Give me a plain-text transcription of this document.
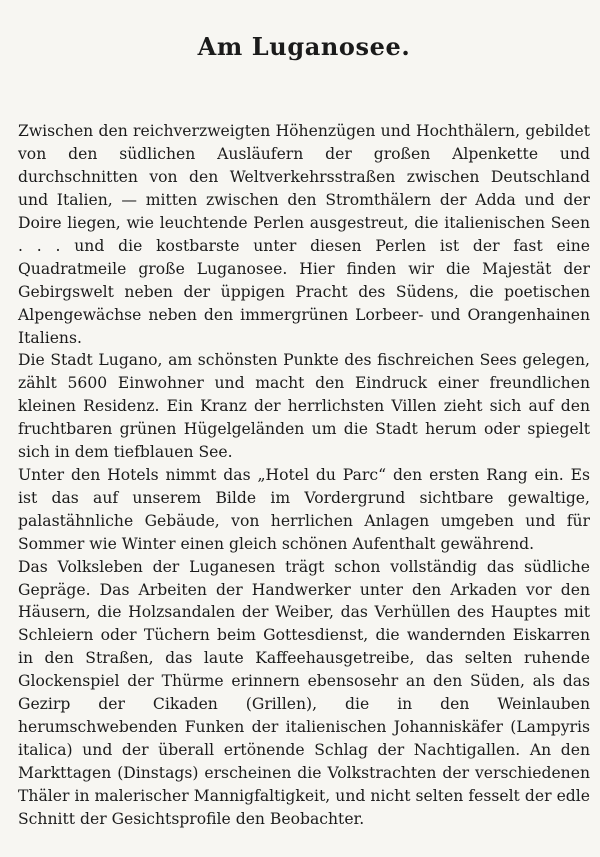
Am Luganosee.

Zwischen den reichverzweigten Höhenzügen und Hochthälern, gebildet von den südlichen Ausläufern der großen Alpenkette und durchschnitten von den Weltverkehrsstraßen zwischen Deutschland und Italien, — mitten zwischen den Stromthälern der Adda und der Doire liegen, wie leuchtende Perlen ausgestreut, die italienischen Seen . . . und die kostbarste unter diesen Perlen ist der fast eine Quadratmeile große Luganosee. Hier finden wir die Majestät der Gebirgswelt neben der üppigen Pracht des Südens, die poetischen Alpengewächse neben den immergrünen Lorbeer- und Orangenhainen Italiens.

Die Stadt Lugano, am schönsten Punkte des fischreichen Sees gelegen, zählt 5600 Einwohner und macht den Eindruck einer freundlichen kleinen Residenz. Ein Kranz der herrlichsten Villen zieht sich auf den fruchtbaren grünen Hügelgeländen um die Stadt herum oder spiegelt sich in dem tiefblauen See.

Unter den Hotels nimmt das „Hotel du Parc“ den ersten Rang ein. Es ist das auf unserem Bilde im Vordergrund sichtbare gewaltige, palastähnliche Gebäude, von herrlichen Anlagen umgeben und für Sommer wie Winter einen gleich schönen Aufenthalt gewährend.

Das Volksleben der Luganesen trägt schon vollständig das südliche Gepräge. Das Arbeiten der Handwerker unter den Arkaden vor den Häusern, die Holzsandalen der Weiber, das Verhüllen des Hauptes mit Schleiern oder Tüchern beim Gottesdienst, die wandernden Eiskarren in den Straßen, das laute Kaffeehausgetreibe, das selten ruhende Glockenspiel der Thürme erinnern ebensosehr an den Süden, als das Gezirp der Cikaden (Grillen), die in den Weinlauben herumschwebenden Funken der italienischen Johanniskäfer (Lampyris italica) und der überall ertönende Schlag der Nachtigallen. An den Markttagen (Dinstags) erscheinen die Volkstrachten der verschiedenen Thäler in malerischer Mannigfaltigkeit, und nicht selten fesselt der edle Schnitt der Gesichtsprofile den Beobachter.
